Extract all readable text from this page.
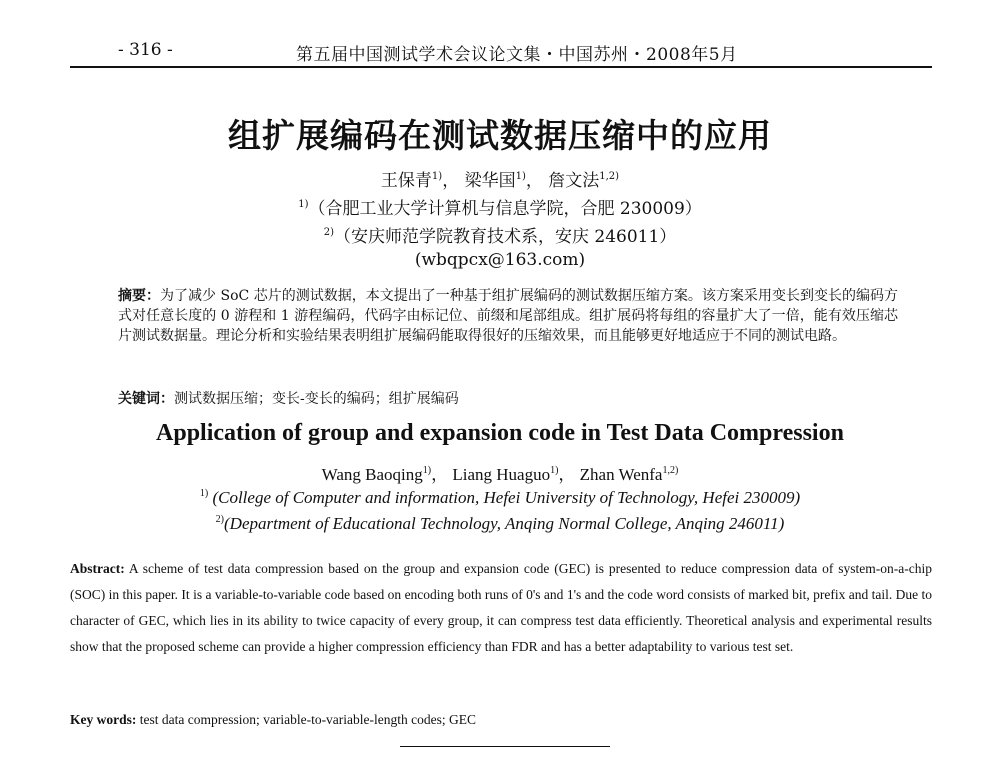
- 316 -	第五届中国测试学术会议论文集・中国苏州・2008年5月
组扩展编码在测试数据压缩中的应用
王保青$^{1)}$， 梁华国$^{1)}$， 詹文法$^{1,2)}$
$^{1)}$（合肥工业大学计算机与信息学院，合肥 230009）
$^{2)}$（安庆师范学院教育技术系，安庆 246011）
(wbqpcx@163.com)
摘要：为了减少 SoC 芯片的测试数据，本文提出了一种基于组扩展编码的测试数据压缩方案。该方案采用变长到变长的编码方式对任意长度的 0 游程和 1 游程编码，代码字由标记位、前缀和尾部组成。组扩展码将每组的容量扩大了一倍，能有效压缩芯片测试数据量。理论分析和实验结果表明组扩展编码能取得很好的压缩效果，而且能够更好地适应于不同的测试电路。
关键词：测试数据压缩；变长-变长的编码；组扩展编码
Application of group and expansion code in Test Data Compression
Wang Baoqing$^{1)}$， Liang Huaguo$^{1)}$， Zhan Wenfa$^{1,2)}$
$^{1)}$ (College of Computer and information, Hefei University of Technology, Hefei 230009)
$^{2)}$(Department of Educational Technology, Anqing Normal College, Anqing 246011)
Abstract: A scheme of test data compression based on the group and expansion code (GEC) is presented to reduce compression data of system-on-a-chip (SOC) in this paper. It is a variable-to-variable code based on encoding both runs of 0's and 1's and the code word consists of marked bit, prefix and tail. Due to character of GEC, which lies in its ability to twice capacity of every group, it can compress test data efficiently. Theoretical analysis and experimental results show that the proposed scheme can provide a higher compression efficiency than FDR and has a better adaptability to various test set.
Key words: test data compression; variable-to-variable-length codes; GEC
